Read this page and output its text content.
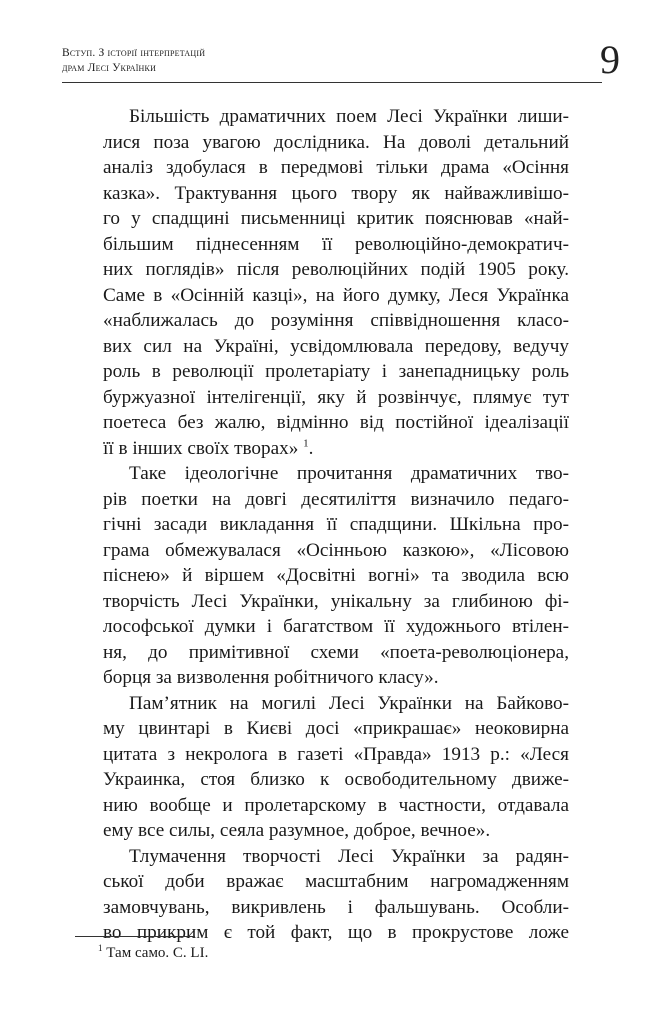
Вступ. З історії інтерпретацій
драм Лесі Українки	9
Більшість драматичних поем Лесі Українки лиши-
лися поза увагою дослідника. На доволі детальний
аналіз здобулася в передмові тільки драма «Осіння
казка». Трактування цього твору як найважливішо-
го у спадщині письменниці критик пояснював «най-
більшим піднесенням її революційно-демократич-
них поглядів» після революційних подій 1905 року.
Саме в «Осінній казці», на його думку, Леся Українка
«наближалась до розуміння співвідношення класо-
вих сил на Україні, усвідомлювала передову, ведучу
роль в революції пролетаріату і занепадницьку роль
буржуазної інтелігенції, яку й розвінчує, плямує тут
поетеса без жалю, відмінно від постійної ідеалізації
її в інших своїх творах» $^1$.
Таке ідеологічне прочитання драматичних тво-
рів поетки на довгі десятиліття визначило педаго-
гічні засади викладання її спадщини. Шкільна про-
грама обмежувалася «Осінньою казкою», «Лісовою
піснею» й віршем «Досвітні вогні» та зводила всю
творчість Лесі Українки, унікальну за глибиною фі-
лософської думки і багатством її художнього втілен-
ня, до примітивної схеми «поета-революціонера,
борця за визволення робітничого класу».
Пам’ятник на могилі Лесі Українки на Байково-
му цвинтарі в Києві досі «прикрашає» неоковирна
цитата з некролога в газеті «Правда» 1913 р.: «Леся
Украинка, стоя близко к освободительному движе-
нию вообще и пролетарскому в частности, отдавала
ему все силы, сеяла разумное, доброе, вечное».
Тлумачення творчості Лесі Українки за радян-
ської доби вражає масштабним нагромадженням
замовчувань, викривлень і фальшувань. Особли-
во прикрим є той факт, що в прокрустове ложе
$^1$ Там само. С. LI.
